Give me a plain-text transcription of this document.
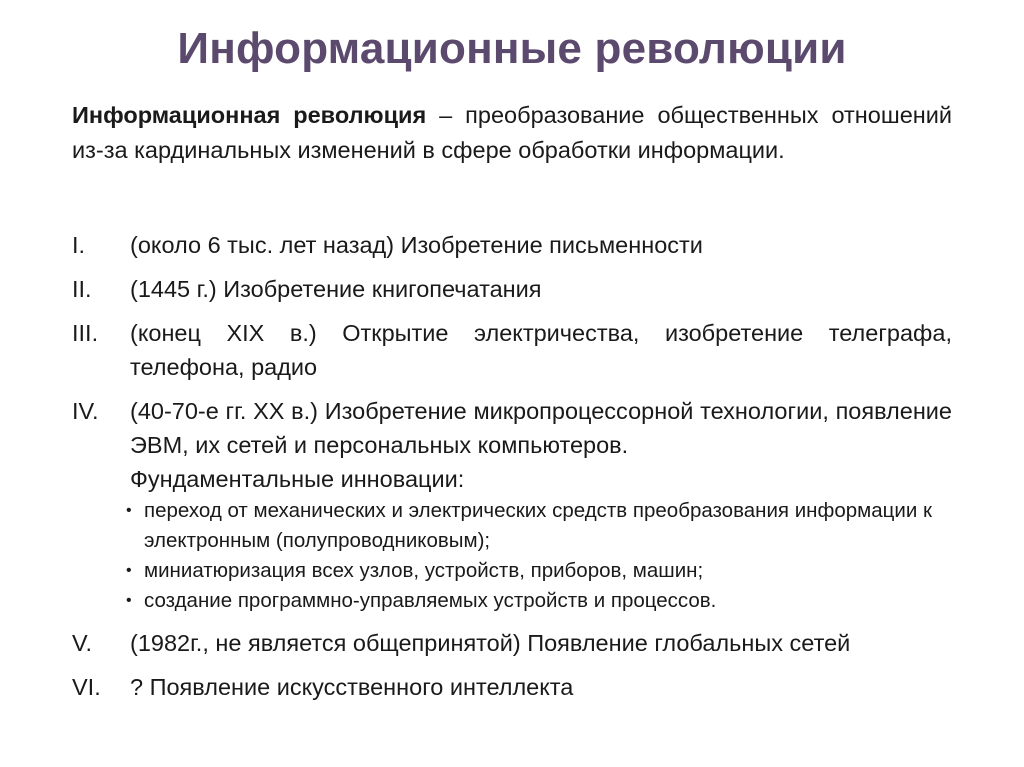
Информационные революции
Информационная революция – преобразование общественных отношений из-за кардинальных изменений в сфере обработки информации.
I.	(около 6 тыс. лет назад) Изобретение письменности
II.	(1445 г.) Изобретение книгопечатания
III.	(конец XIX в.) Открытие электричества, изобретение телеграфа, телефона, радио
IV.	(40-70-е гг. XX в.) Изобретение микропроцессорной технологии, появление ЭВМ, их сетей и персональных компьютеров.
Фундаментальные инновации:
• переход от механических и электрических средств преобразования информации к электронным (полупроводниковым);
• миниатюризация всех узлов, устройств, приборов, машин;
• создание программно-управляемых устройств и процессов.
V.	(1982г., не является общепринятой) Появление глобальных сетей
VI.	? Появление искусственного интеллекта
